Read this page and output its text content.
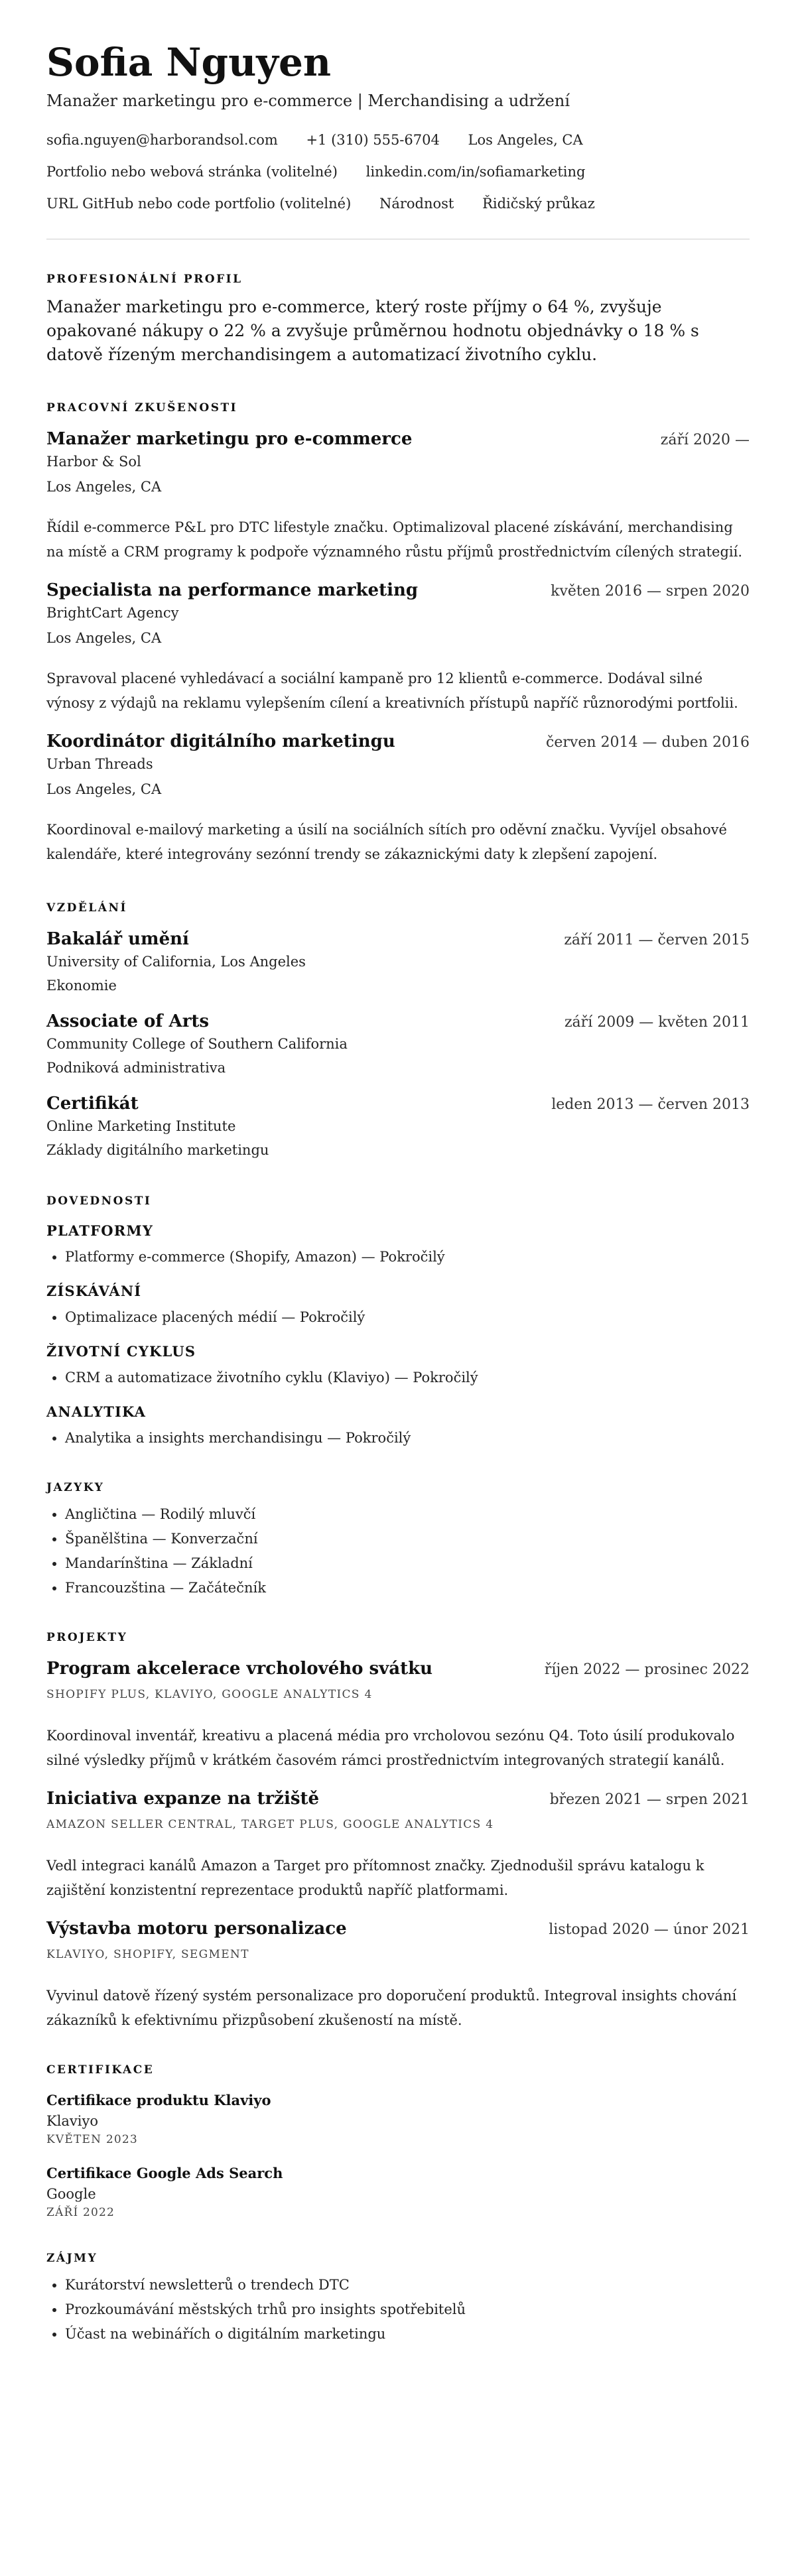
Sofia Nguyen
Manažer marketingu pro e-commerce | Merchandising a udržení
sofia.nguyen@harborandsol.com +1 (310) 555-6704 Los Angeles, CA
Portfolio nebo webová stránka (volitelné) linkedin.com/in/sofiamarketing
URL GitHub nebo code portfolio (volitelné) Národnost Řidičský průkaz
PROFESIONÁLNÍ PROFIL
Manažer marketingu pro e-commerce, který roste příjmy o 64 %, zvyšuje opakované nákupy o 22 % a zvyšuje průměrnou hodnotu objednávky o 18 % s datově řízeným merchandisingem a automatizací životního cyklu.
PRACOVNÍ ZKUŠENOSTI
Manažer marketingu pro e-commerce	září 2020 —
Harbor & Sol
Los Angeles, CA
Řídil e-commerce P&L pro DTC lifestyle značku. Optimalizoval placené získávání, merchandising na místě a CRM programy k podpoře významného růstu příjmů prostřednictvím cílených strategií.
Specialista na performance marketing	květen 2016 — srpen 2020
BrightCart Agency
Los Angeles, CA
Spravoval placené vyhledávací a sociální kampaně pro 12 klientů e-commerce. Dodával silné výnosy z výdajů na reklamu vylepšením cílení a kreativních přístupů napříč různorodými portfolii.
Koordinátor digitálního marketingu	červen 2014 — duben 2016
Urban Threads
Los Angeles, CA
Koordinoval e-mailový marketing a úsilí na sociálních sítích pro oděvní značku. Vyvíjel obsahové kalendáře, které integrovány sezónní trendy se zákaznickými daty k zlepšení zapojení.
VZDĚLÁNÍ
Bakalář umění	září 2011 — červen 2015
University of California, Los Angeles
Ekonomie
Associate of Arts	září 2009 — květen 2011
Community College of Southern California
Podniková administrativa
Certifikát	leden 2013 — červen 2013
Online Marketing Institute
Základy digitálního marketingu
DOVEDNOSTI
PLATFORMY
• Platformy e-commerce (Shopify, Amazon) — Pokročilý
ZÍSKÁVÁNÍ
• Optimalizace placených médií — Pokročilý
ŽIVOTNÍ CYKLUS
• CRM a automatizace životního cyklu (Klaviyo) — Pokročilý
ANALYTIKA
• Analytika a insights merchandisingu — Pokročilý
JAZYKY
• Angličtina — Rodilý mluvčí
• Španělština — Konverzační
• Mandarínština — Základní
• Francouzština — Začátečník
PROJEKTY
Program akcelerace vrcholového svátku	říjen 2022 — prosinec 2022
SHOPIFY PLUS, KLAVIYO, GOOGLE ANALYTICS 4
Koordinoval inventář, kreativu a placená média pro vrcholovou sezónu Q4. Toto úsilí produkovalo silné výsledky příjmů v krátkém časovém rámci prostřednictvím integrovaných strategií kanálů.
Iniciativa expanze na tržiště	březen 2021 — srpen 2021
AMAZON SELLER CENTRAL, TARGET PLUS, GOOGLE ANALYTICS 4
Vedl integraci kanálů Amazon a Target pro přítomnost značky. Zjednodušil správu katalogu k zajištění konzistentní reprezentace produktů napříč platformami.
Výstavba motoru personalizace	listopad 2020 — únor 2021
KLAVIYO, SHOPIFY, SEGMENT
Vyvinul datově řízený systém personalizace pro doporučení produktů. Integroval insights chování zákazníků k efektivnímu přizpůsobení zkušeností na místě.
CERTIFIKACE
Certifikace produktu Klaviyo
Klaviyo
KVĚTEN 2023
Certifikace Google Ads Search
Google
ZÁŘÍ 2022
ZÁJMY
• Kurátorství newsletterů o trendech DTC
• Prozkoumávání městských trhů pro insights spotřebitelů
• Účast na webinářích o digitálním marketingu
